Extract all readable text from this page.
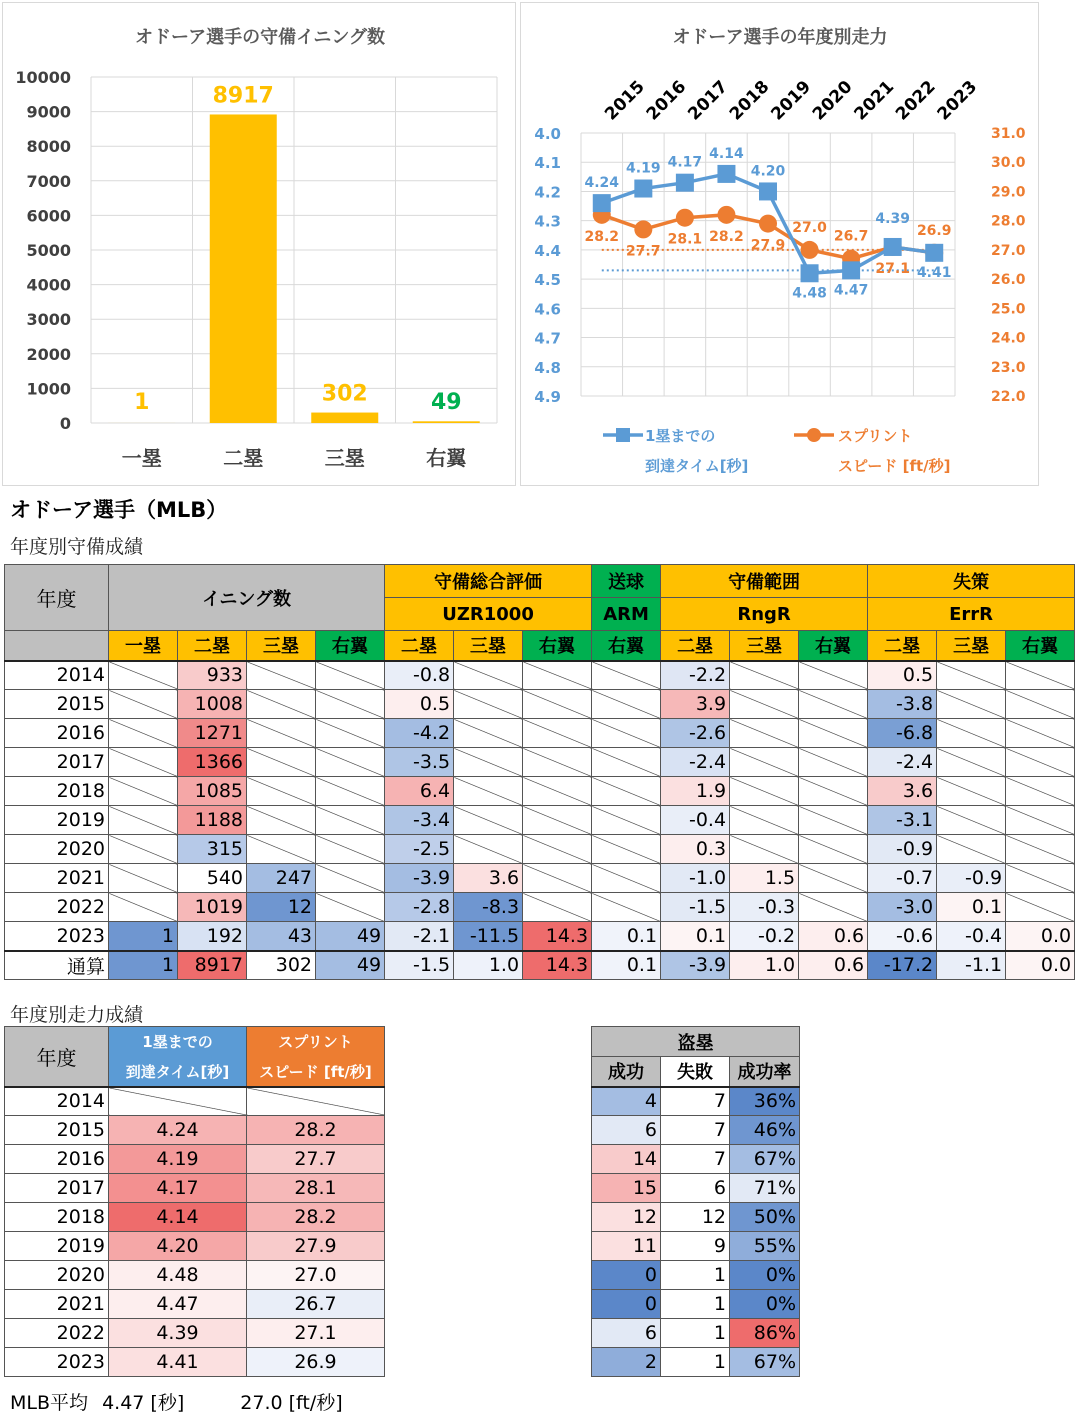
オドーア選手の守備イニング数
10000
9000
8000
7000
6000
5000
4000
3000
2000
1000
0
1
一塁
8917
二塁
302
三塁
49
右翼
オドーア選手の年度別走力
4.0
4.1
4.2
4.3
4.4
4.5
4.6
4.7
4.8
4.9
31.0
30.0
29.0
28.0
27.0
26.0
25.0
24.0
23.0
22.0
2015
2016
2017
2018
2019
2020
2021
2022
2023
4.24
4.19 4.17
4.14
4.20
4.48 4.47
4.39
4.41
28.2
27.7
28.1 28.2
27.9
27.0
26.7
27.1
26.9
1塁までの
到達タイム[秒]
スプリント
スピード [ft/秒]
オドーア選手（MLB）
年度別守備成績
年度	イニング数				守備総合評価			送球	守備範囲			失策		
					UZR1000			ARM	RngR			ErrR		
	一塁	二塁	三塁	右翼	二塁	三塁	右翼	右翼	二塁	三塁	右翼	二塁	三塁	右翼
2014		933			-0.8				-2.2			0.5		
2015		1008			0.5				3.9			-3.8		
2016		1271			-4.2				-2.6			-6.8		
2017		1366			-3.5				-2.4			-2.4		
2018		1085			6.4				1.9			3.6		
2019		1188			-3.4				-0.4			-3.1		
2020		315			-2.5				0.3			-0.9		
2021		540	247		-3.9	3.6			-1.0	1.5		-0.7	-0.9	
2022		1019	12		-2.8	-8.3			-1.5	-0.3		-3.0	0.1	
2023	1	192	43	49	-2.1	-11.5	14.3	0.1	0.1	-0.2	0.6	-0.6	-0.4	0.0
通算	1	8917	302	49	-1.5	1.0	14.3	0.1	-3.9	1.0	0.6	-17.2	-1.1	0.0
年度別走力成績
年度	1塁までの	スプリント
	到達タイム[秒]	スピード [ft/秒]
2014		
2015	4.24	28.2
2016	4.19	27.7
2017	4.17	28.1
2018	4.14	28.2
2019	4.20	27.9
2020	4.48	27.0
2021	4.47	26.7
2022	4.39	27.1
2023	4.41	26.9
盗塁		
成功	失敗	成功率
4	7	36%
6	7	46%
14	7	67%
15	6	71%
12	12	50%
11	9	55%
0	1	0%
0	1	0%
6	1	86%
2	1	67%
MLB平均 4.47 [秒]	27.0 [ft/秒]
